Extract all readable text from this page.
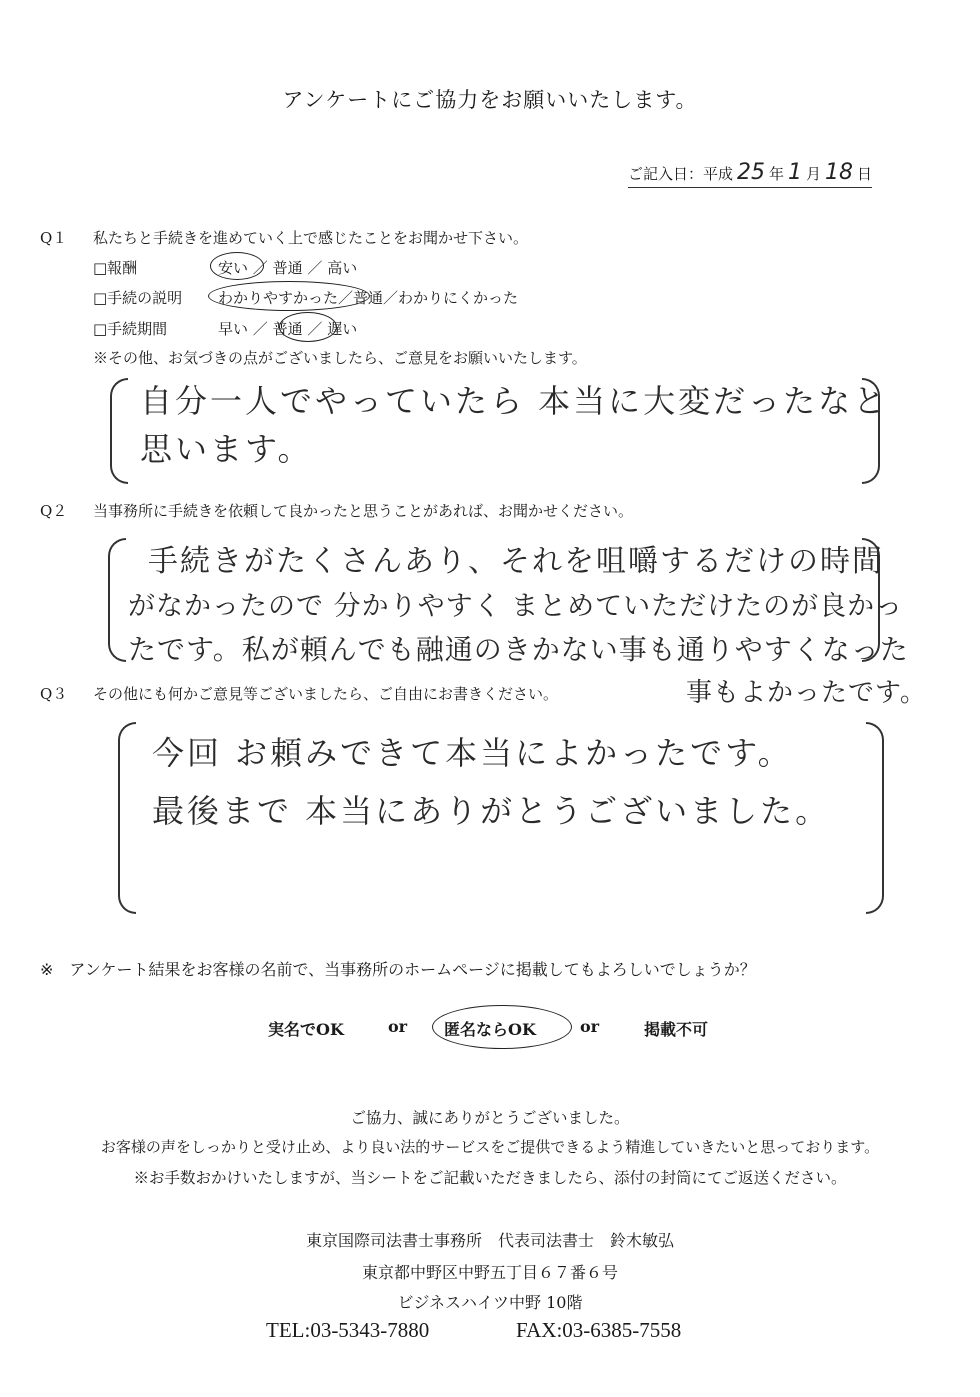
アンケートにご協力をお願いいたします。
ご記入日：平成 25 年 1 月 18 日
Q１ 私たちと手続きを進めていく上で感じたことをお聞かせ下さい。
□報酬	安い ／ 普通 ／ 高い
□手続の説明 わかりやすかった／普通／わかりにくかった
□手続期間	早い ／ 普通 ／ 遅い
※その他、お気づきの点がございましたら、ご意見をお願いいたします。
自分一人でやっていたら 本当に大変だったなと
思います。
Q２ 当事務所に手続きを依頼して良かったと思うことがあれば、お聞かせください。
手続きがたくさんあり、それを咀嚼するだけの時間
がなかったので 分かりやすく まとめていただけたのが良かっ
たです。私が頼んでも融通のきかない事も通りやすくなった
事もよかったです。
Q３ その他にも何かご意見等ございましたら、ご自由にお書きください。
今回 お頼みできて本当によかったです。
最後まで 本当にありがとうございました。
※　アンケート結果をお客様の名前で、当事務所のホームページに掲載してもよろしいでしょうか？
実名でOK	or 匿名ならOK	or	掲載不可
ご協力、誠にありがとうございました。
お客様の声をしっかりと受け止め、より良い法的サービスをご提供できるよう精進していきたいと思っております。
※お手数おかけいたしますが、当シートをご記載いただきましたら、添付の封筒にてご返送ください。
東京国際司法書士事務所　代表司法書士　鈴木敏弘
東京都中野区中野五丁目６７番６号
ビジネスハイツ中野 10階
TEL:03-5343-7880	FAX:03-6385-7558
